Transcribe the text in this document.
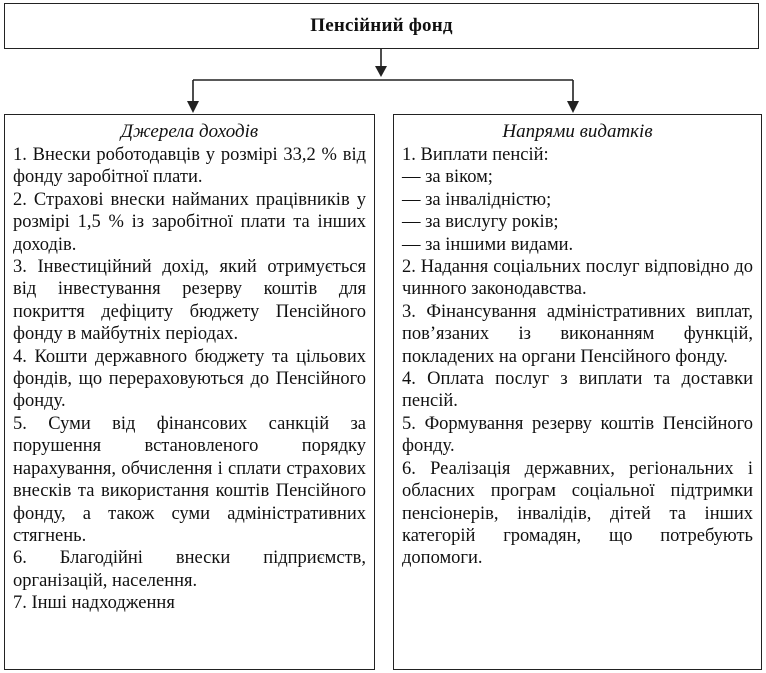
Пенсійний фонд
Джерела доходів

1. Внески роботодавців у розмірі 33,2 % від фонду заробітної плати.

2. Страхові внески найманих працівників у розмірі 1,5 % із заробітної плати та інших доходів.

3. Інвестиційний дохід, який отримується від інвестування резерву коштів для покриття дефіциту бюджету Пенсійного фонду в майбутніх періодах.

4. Кошти державного бюджету та цільових фондів, що перераховуються до Пенсійного фонду.

5. Суми від фінансових санкцій за порушення встановленого порядку нарахування, обчислення і сплати страхових внесків та використання коштів Пенсійного фонду, а також суми адміністративних стягнень.

6. Благодійні внески підприємств, організацій, населення.

7. Інші надходження

Напрями видатків

1. Виплати пенсій:

— за віком;

— за інвалідністю;

— за вислугу років;

— за іншими видами.

2. Надання соціальних послуг відповідно до чинного законодавства.

3. Фінансування адміністративних виплат, пов’язаних із виконанням функцій, покладених на органи Пенсійного фонду.

4. Оплата послуг з виплати та доставки пенсій.

5. Формування резерву коштів Пенсійного фонду.

6. Реалізація державних, регіональних і обласних програм соціальної підтримки пенсіонерів, інвалідів, дітей та інших категорій громадян, що потребують допомоги.
